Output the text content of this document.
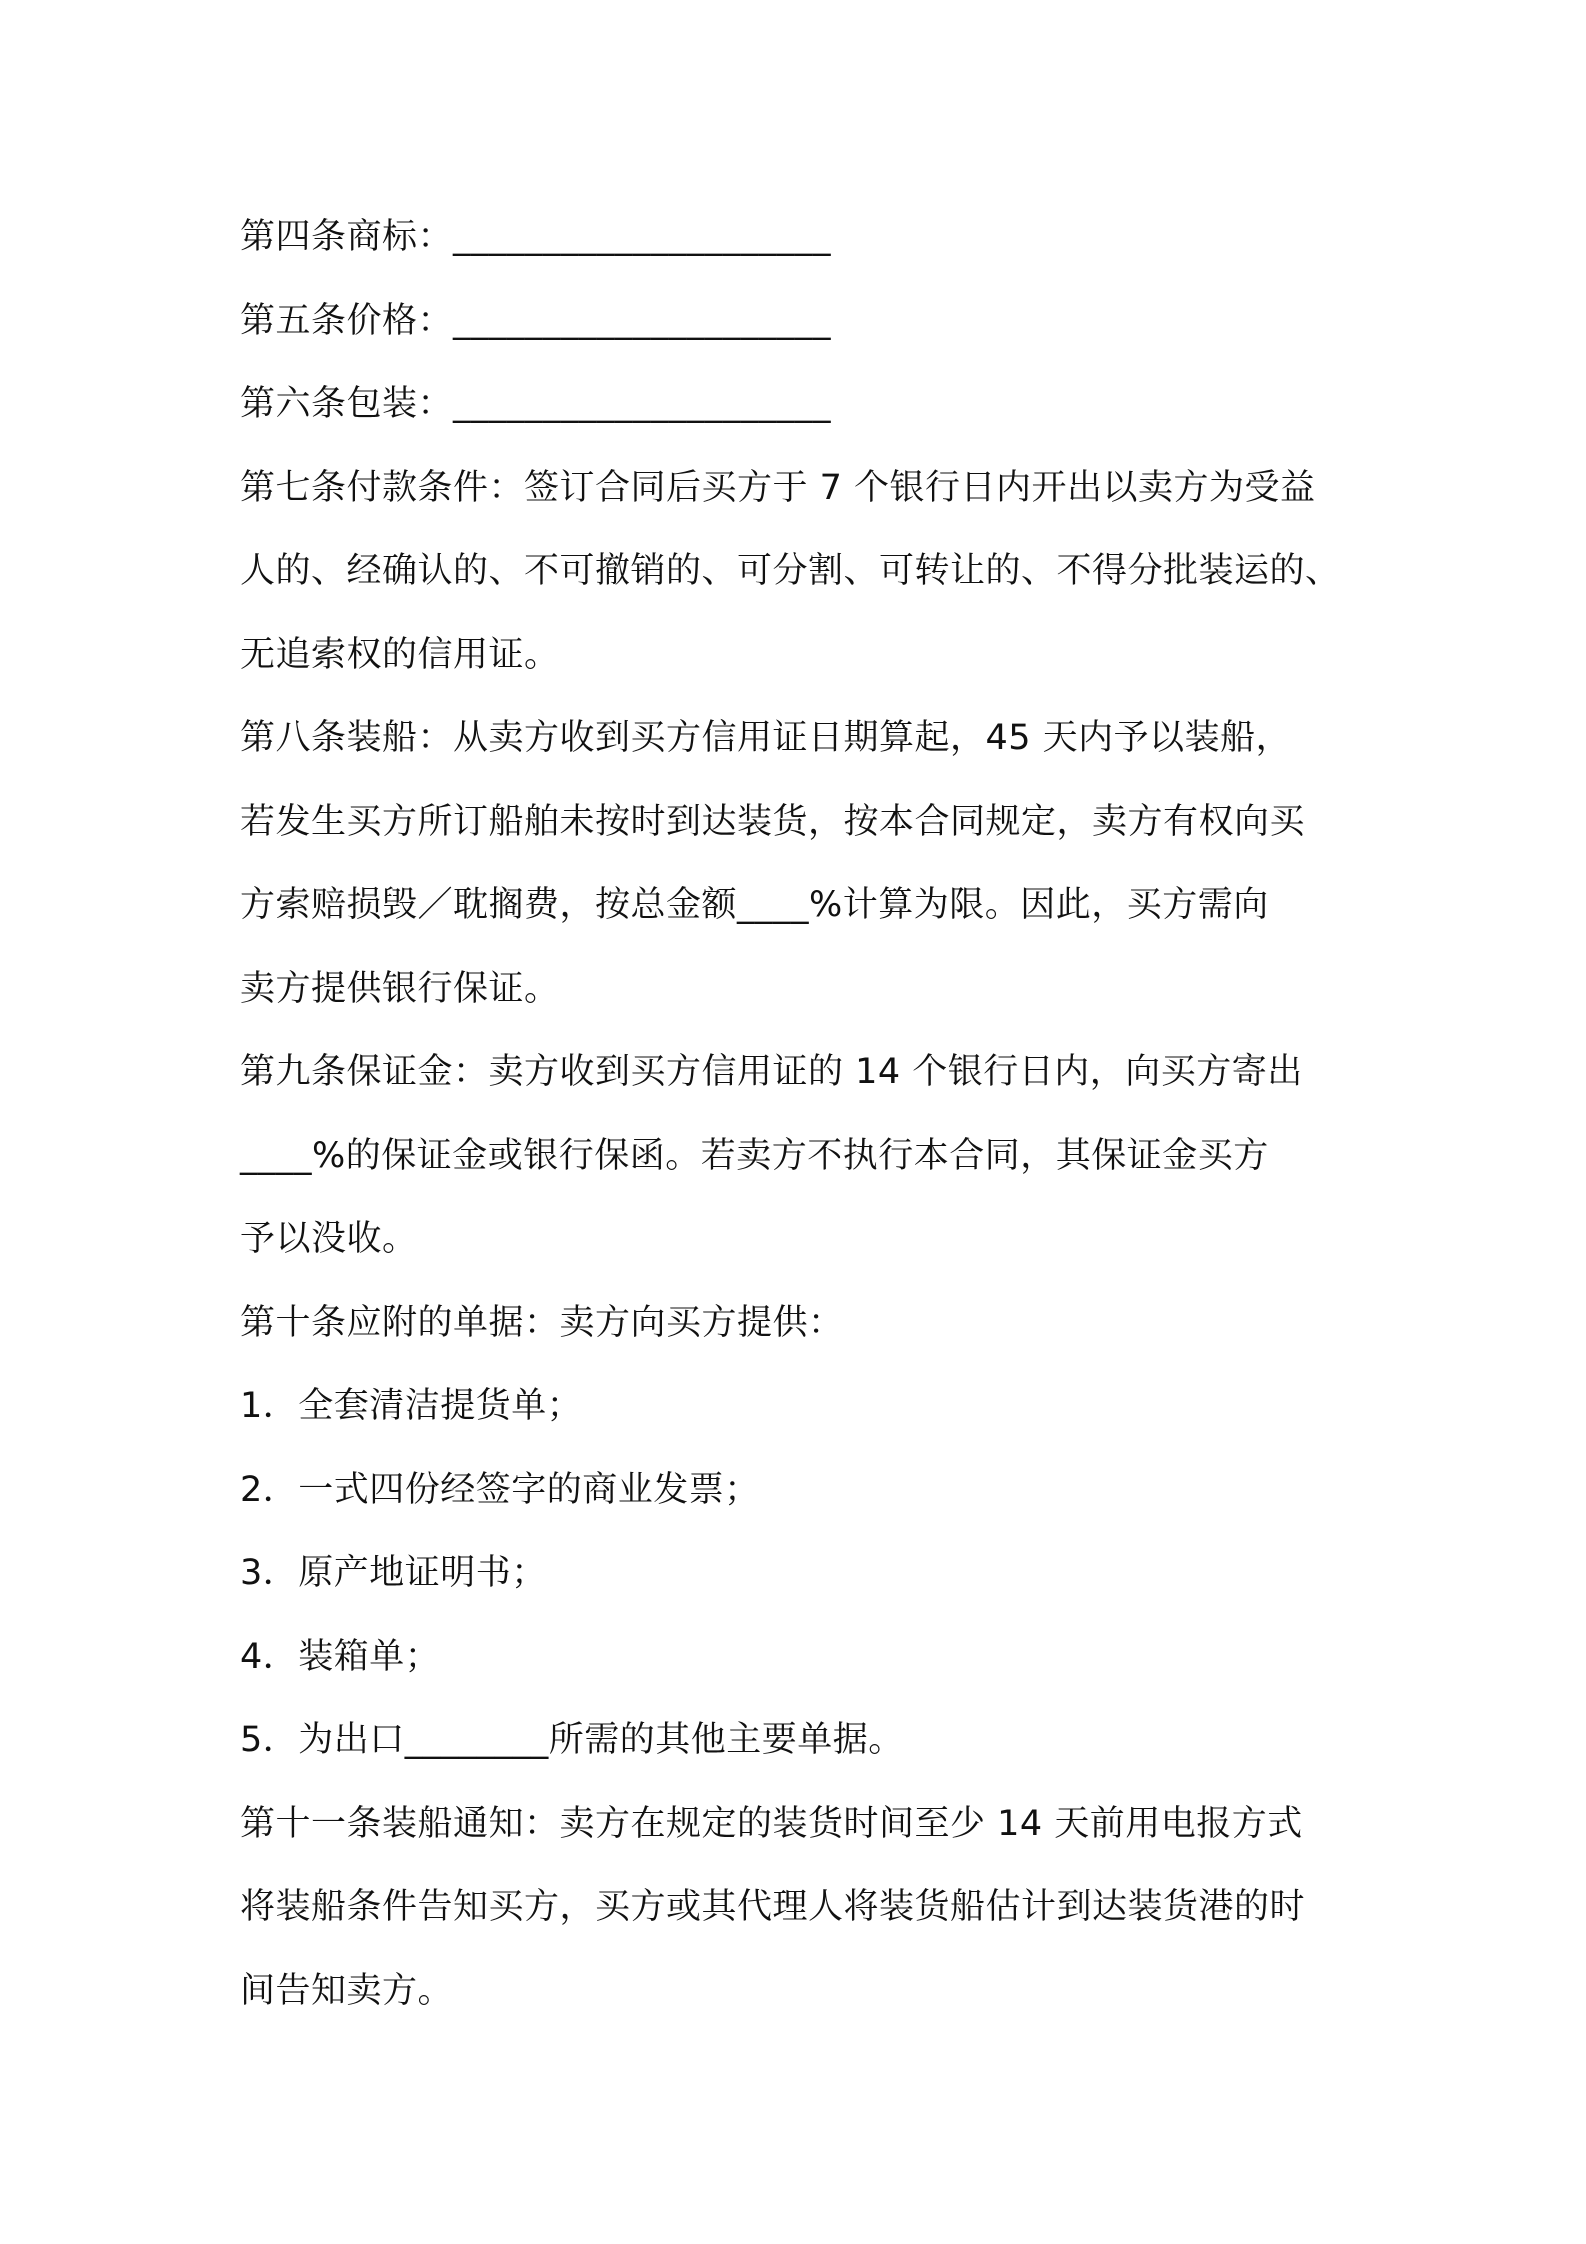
第四条商标：_____________________
第五条价格：_____________________
第六条包装：_____________________
第七条付款条件：签订合同后买方于 7 个银行日内开出以卖方为受益
人的、经确认的、不可撤销的、可分割、可转让的、不得分批装运的、
无追索权的信用证。
第八条装船：从卖方收到买方信用证日期算起，45 天内予以装船，
若发生买方所订船舶未按时到达装货，按本合同规定，卖方有权向买
方索赔损毁／耽搁费，按总金额____%计算为限。因此，买方需向
卖方提供银行保证。
第九条保证金：卖方收到买方信用证的 14 个银行日内，向买方寄出
____%的保证金或银行保函。若卖方不执行本合同，其保证金买方
予以没收。
第十条应附的单据：卖方向买方提供：
1．全套清洁提货单；
2．一式四份经签字的商业发票；
3．原产地证明书；
4．装箱单；
5．为出口________所需的其他主要单据。
第十一条装船通知：卖方在规定的装货时间至少 14 天前用电报方式
将装船条件告知买方，买方或其代理人将装货船估计到达装货港的时
间告知卖方。
